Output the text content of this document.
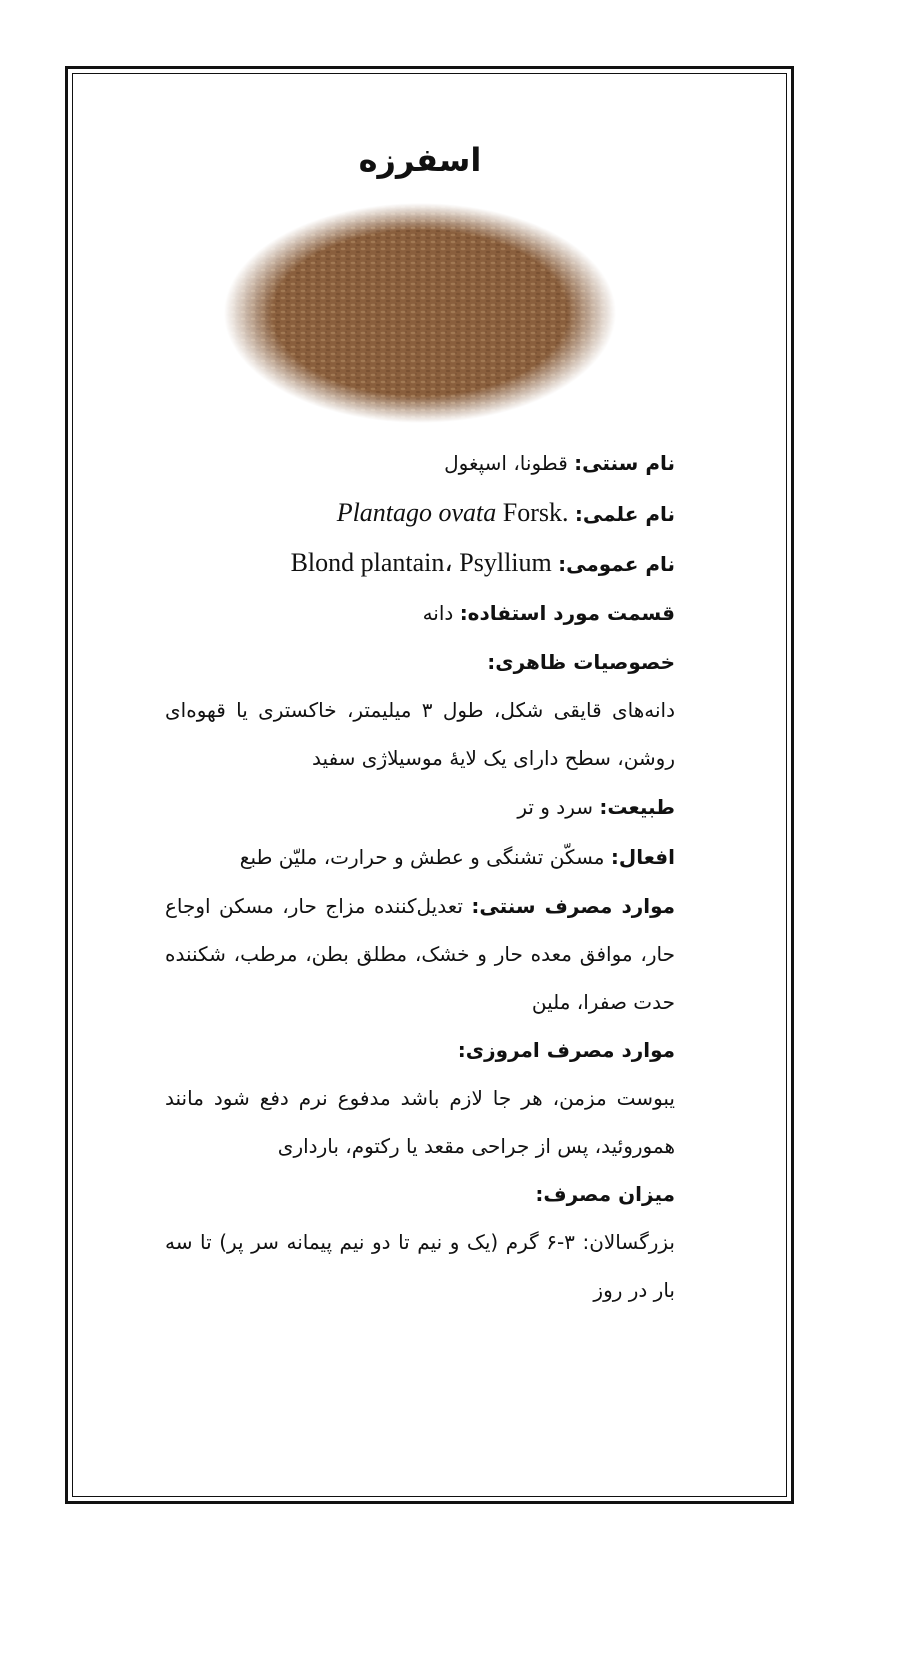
اسفرزه
نام سنتی: قطونا، اسپغول
نام علمی: Plantago ovata Forsk.
نام عمومی: Blond plantain، Psyllium
قسمت مورد استفاده: دانه
خصوصیات ظاهری:
دانه‌های قایقی شکل، طول ۳ میلیمتر، خاکستری یا قهوه‌ای روشن، سطح دارای یک لایۀ موسیلاژی سفید
طبیعت: سرد و تر
افعال: مسکّن تشنگی و عطش و حرارت، ملیّن طبع
موارد مصرف سنتی: تعدیل‌کننده مزاج حار، مسکن اوجاع حار، موافق معده حار و خشک، مطلق بطن، مرطب، شکننده حدت صفرا، ملین
موارد مصرف امروزی:
یبوست مزمن، هر جا لازم باشد مدفوع نرم دفع شود مانند هموروئید، پس از جراحی مقعد یا رکتوم، بارداری
میزان مصرف:
بزرگسالان: ۳-۶ گرم (یک و نیم تا دو نیم پیمانه سر پر) تا سه بار در روز
